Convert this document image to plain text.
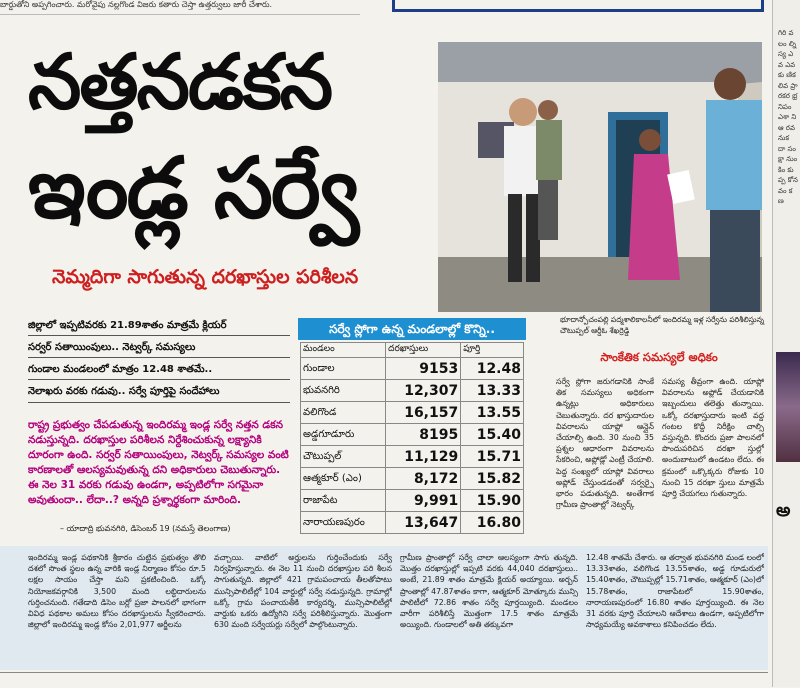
బార్డుతోని అప్పగించారు. మరోవైపు నల్లగొండ విజరు కతారు చెస్తా ఉత్తర్వులు జారీ చేశారు.
నత్తనడకన
ఇండ్ల సర్వే
నెమ్మదిగా సాగుతున్న దరఖాస్తుల పరిశీలన
భూదాన్పోచంపల్లి పద్మశాలికాలనీలో ఇందిరమ్మ ఇళ్ల సర్వేను పరిశీలిస్తున్న చౌటుప్పల్ ఆర్డీఓ శేఖర్రెడ్డి
జిల్లాలో ఇప్పటివరకు 21.89శాతం మాత్రమే క్లియర్
సర్వర్ సతాయింపులు.. నెట్వర్క్ సమస్యలు
గుండాల మండలంలో మాత్రం 12.48 శాతమే..
నెలాఖరు వరకు గడువు.. సర్వే పూర్తిపై సందేహాలు
రాష్ట్ర ప్రభుత్వం చేపడుతున్న ఇందిరమ్మ ఇండ్ల సర్వే నత్తన డకన నడుస్తున్నది. దరఖాస్తుల పరిశీలన నిర్దేశించుకున్న లక్ష్యానికి దూరంగా ఉంది. సర్వర్ సతాయింపులు, నెట్వర్క్ సమస్యల వంటి కారణాలతో ఆలస్యమవుతున్న దని అధికారులు చెబుతున్నారు. ఈ నెల 31 వరకు గడువు ఉండగా, అప్పటిలోగా సగమైనా అవుతుందా.. లేదా..? అన్నది ప్రశ్నార్థకంగా మారింది.
– యాదాద్రి భువనగిరి, డిసెంబర్ 19 (నమస్తే తెలంగాణ)
సర్వే స్లోగా ఉన్న మండలాల్లో కొన్ని..
మండలం	దరఖాస్తులు	పూర్తి
గుండాల	9153	12.48
భువనగిరి	12,307	13.33
వలిగొండ	16,157	13.55
అడ్డగూడూరు	8195	15.40
చౌటుప్పల్	11,129	15.71
ఆత్మకూర్ (ఎం)	8,172	15.82
రాజాపేట	9,991	15.90
నారాయణపురం	13,647	16.80
సాంకేతిక సమస్యలే అధికం
సర్వే స్లోగా జరుగడానికి సాంకే తిక సమస్యలు అధికంగా ఉన్నట్లు అధికారులు చెబుతున్నారు. దర ఖాస్తుదారుల వివరాలను యాప్లో ఆన్లైన్ చేయాల్సి ఉంది. 30 నుంచి 35 ప్రశ్నల ఆధారంగా వివరాలను సేకరించి, అప్లోడ్లో ఎంట్రీ చేయాలి. పెద్ద సంఖ్యలో యాప్లో వివరాలు అప్లోడ్ చేస్తుండడంతో సర్వర్పై భారం పడుతున్నది. అంతేగాక గ్రామీణ ప్రాంతాల్లో నెట్వర్క్
సమస్య తీవ్రంగా ఉంది. యాప్లో వివరాలను అప్లోడ్ చేయడానికి ఇబ్బందులు తలెత్తు తున్నాయి. ఒక్కో దరఖాస్తుదారు ఇంటి వద్ద గంటల కొద్దీ నిరీక్షిం చాల్సి వస్తున్నది. కొందరు ప్రజా పాలనలో పొందుపరిచిన దరఖా స్తుల్లో అందుబాటులో ఉండటం లేదు. ఈ క్రమంలో ఒక్కొక్కరు రోజుకు 10 నుంచి 15 దరఖా స్తులు మాత్రమే పూర్తి చేయగలు గుతున్నారు.
ఇందిరమ్మ ఇండ్ల పథకానికి శ్రీకారం చుట్టిన ప్రభుత్వం తొలి దశలో సొంత స్థలం ఉన్న వారికి ఇండ్ల నిర్మాణం కోసం రూ.5 లక్షల సాయం చేస్తా మని ప్రకటించింది. ఒక్కో నియోజకవర్గానికి 3,500 మంది లబ్ధిదారులను గుర్తించనుంది. గతేడాది డిసెం బర్లో ప్రజా పాలనలో భాగంగా వివిధ పథకాల అమలు కోసం దరఖాస్తులను స్వీకరించారు. జిల్లాలో ఇందిరమ్మ ఇండ్ల కోసం 2,01,977 అర్జీలను
వచ్చాయి. వాటిలో అర్హులను గుర్తించేందుకు సర్వే నిర్వహిస్తున్నారు. ఈ నెల 11 నుంచి దరఖాస్తుల పరి శీలన సాగుతున్నది. జిల్లాలో 421 గ్రామపంచాయ తీలతోపాటు మున్సిపాలిటీల్లో 104 వార్డుల్లో సర్వే నడుస్తున్నది. గ్రామాల్లో ఒక్కో గ్రామ పంచాయతీకి కార్యదర్శి, మున్సిపాలిటీల్లో వార్డుకు ఒకరు ఉద్యోగిని సర్వే పరిశీలిస్తున్నారు. మొత్తంగా 630 మంది సర్వేయర్లు సర్వేలో పాల్గొంటున్నారు.
గ్రామీణ ప్రాంతాల్లో సర్వే చాలా ఆలస్యంగా సాగు తున్నది. మొత్తం దరఖాస్తుల్లో ఇప్పటి వరకు 44,040 దరఖాస్తులు.. అంటే, 21.89 శాతం మాత్రమే క్లియర్ అయ్యాయి. అర్బన్ ప్రాంతాల్లో 47.87శాతం కాగా, ఆత్మకూర్ మోత్కూరు మున్సి పాలిటీలో 72.86 శాతం సర్వే పూర్తయ్యింది. మండలం వారీగా పరిశీలిస్తే మొత్తంగా 17.5 శాతం మాత్రమే అయ్యింది. గుండాలలో అతి తక్కువగా
12.48 శాతమే చేశారు. ఆ తర్వాత భువనగిరి మండ లంలో 13.33శాతం, వలిగొండ 13.55శాతం, అడ్డ గూడురులో 15.40శాతం, చౌటుప్పల్లో 15.71శాతం, ఆత్మకూర్ (ఎం)లో 15.78శాతం, రాజాపేటలో 15.90శాతం, నారాయణపురంలో 16.80 శాతం పూర్తయ్యింది. ఈ నెల 31 వరకు పూర్తి చేయాలని ఆదేశాలు ఉండగా, అప్పటిలోగా సాధ్యమయ్యే అవకాశాలు కనిపించడం లేదు.
గిరి వ లం ల్ని స్య ఎవ ఎవ కు ణిక లివ ప్రా రకర భ్ర నిపం ఎశా ని ఆ రవ నుక దా సం క్షా నుం కిం కు ప్ప కోన వం క ణ
అ
